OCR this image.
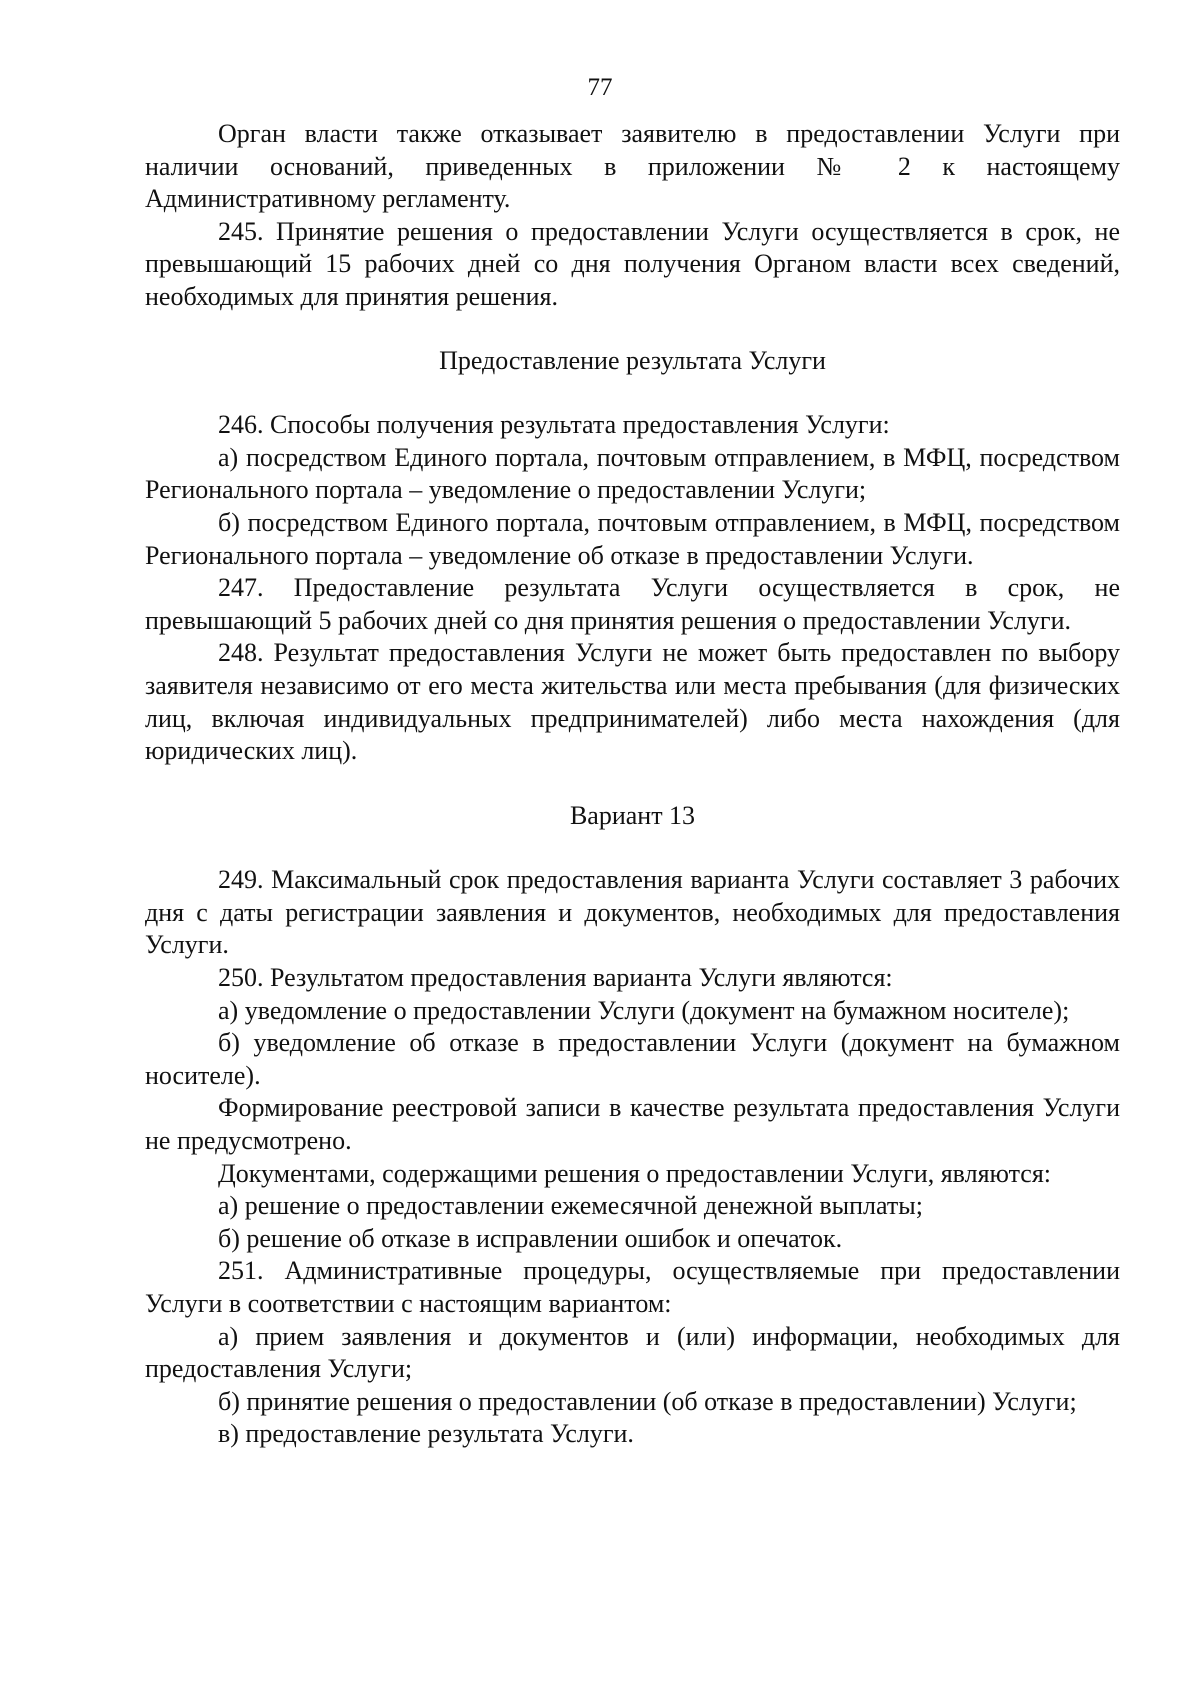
77

Орган власти также отказывает заявителю в предоставлении Услуги при наличии оснований, приведенных в приложении № 2 к настоящему Административному регламенту.

245. Принятие решения о предоставлении Услуги осуществляется в срок, не превышающий 15 рабочих дней со дня получения Органом власти всех сведений, необходимых для принятия решения.

Предоставление результата Услуги

246. Способы получения результата предоставления Услуги:

а) посредством Единого портала, почтовым отправлением, в МФЦ, посредством Регионального портала – уведомление о предоставлении Услуги;

б) посредством Единого портала, почтовым отправлением, в МФЦ, посредством Регионального портала – уведомление об отказе в предоставлении Услуги.

247. Предоставление результата Услуги осуществляется в срок, не превышающий 5 рабочих дней со дня принятия решения о предоставлении Услуги.

248. Результат предоставления Услуги не может быть предоставлен по выбору заявителя независимо от его места жительства или места пребывания (для физических лиц, включая индивидуальных предпринимателей) либо места нахождения (для юридических лиц).

Вариант 13

249. Максимальный срок предоставления варианта Услуги составляет 3 рабочих дня с даты регистрации заявления и документов, необходимых для предоставления Услуги.

250. Результатом предоставления варианта Услуги являются:

а) уведомление о предоставлении Услуги (документ на бумажном носителе);

б) уведомление об отказе в предоставлении Услуги (документ на бумажном носителе).

Формирование реестровой записи в качестве результата предоставления Услуги не предусмотрено.

Документами, содержащими решения о предоставлении Услуги, являются:

а) решение о предоставлении ежемесячной денежной выплаты;

б) решение об отказе в исправлении ошибок и опечаток.

251. Административные процедуры, осуществляемые при предоставлении Услуги в соответствии с настоящим вариантом:

а) прием заявления и документов и (или) информации, необходимых для предоставления Услуги;

б) принятие решения о предоставлении (об отказе в предоставлении) Услуги;

в) предоставление результата Услуги.
